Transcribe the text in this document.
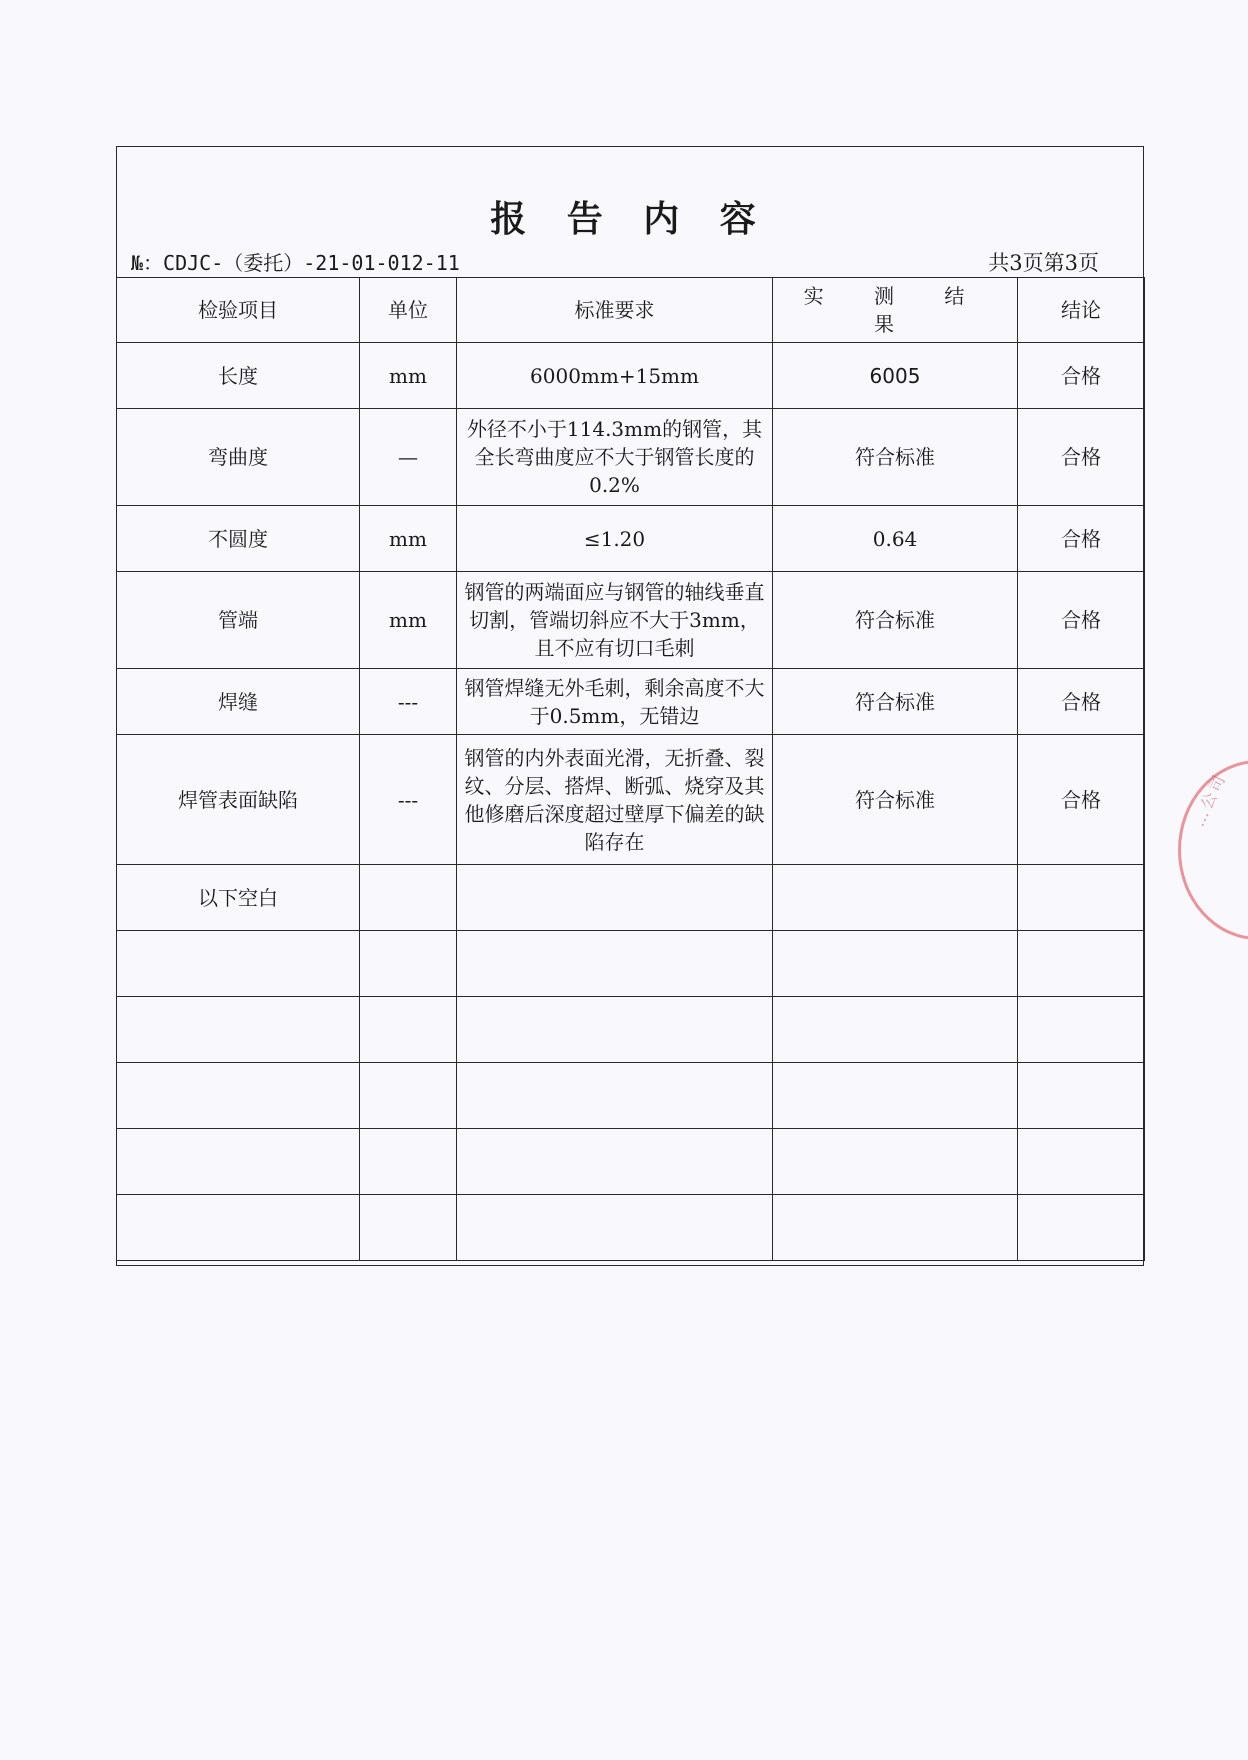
报 告 内 容
№：CDJC-（委托）-21-01-012-11	共3页第3页
检验项目	单位	标准要求	实 测 结 果	结论
长度	mm	6000mm+15mm	6005	合格
弯曲度	—	外径不小于114.3mm的钢管，其全长弯曲度应不大于钢管长度的0.2%	符合标准	合格
不圆度	mm	≤1.20	0.64	合格
管端	mm	钢管的两端面应与钢管的轴线垂直切割，管端切斜应不大于3mm，且不应有切口毛刺	符合标准	合格
焊缝	---	钢管焊缝无外毛刺，剩余高度不大于0.5mm，无错边	符合标准	合格
焊管表面缺陷	---	钢管的内外表面光滑，无折叠、裂纹、分层、搭焊、断弧、烧穿及其他修磨后深度超过壁厚下偏差的缺陷存在	符合标准	合格
以下空白				

…公司
